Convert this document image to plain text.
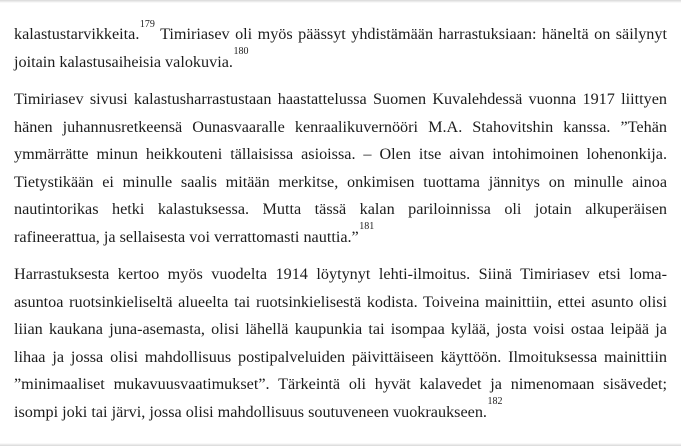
kalastustarvikkeita.$^{179}$ Timiriasev oli myös päässyt yhdistämään harrastuksiaan: häneltä on säilynyt joitain kalastusaiheisia valokuvia.$^{180}$

Timiriasev sivusi kalastusharrastustaan haastattelussa Suomen Kuvalehdessä vuonna 1917 liittyen hänen juhannusretkeensä Ounasvaaralle kenraalikuvernööri M.A. Stahovitshin kanssa. ”Tehän ymmärrätte minun heikkouteni tällaisissa asioissa. – Olen itse aivan intohimoinen lohenonkija. Tietystikään ei minulle saalis mitään merkitse, onkimisen tuottama jännitys on minulle ainoa nautintorikas hetki kalastuksessa. Mutta tässä kalan pariloinnissa oli jotain alkuperäisen rafineerattua, ja sellaisesta voi verrattomasti nauttia.”$^{181}$

Harrastuksesta kertoo myös vuodelta 1914 löytynyt lehti-ilmoitus. Siinä Timiriasev etsi loma-asuntoa ruotsinkieliseltä alueelta tai ruotsinkielisestä kodista. Toiveina mainittiin, ettei asunto olisi liian kaukana juna-asemasta, olisi lähellä kaupunkia tai isompaa kylää, josta voisi ostaa leipää ja lihaa ja jossa olisi mahdollisuus postipalveluiden päivittäiseen käyttöön. Ilmoituksessa mainittiin ”minimaaliset mukavuusvaatimukset”. Tärkeintä oli hyvät kalavedet ja nimenomaan sisävedet; isompi joki tai järvi, jossa olisi mahdollisuus soutuveneen vuokraukseen.$^{182}$
